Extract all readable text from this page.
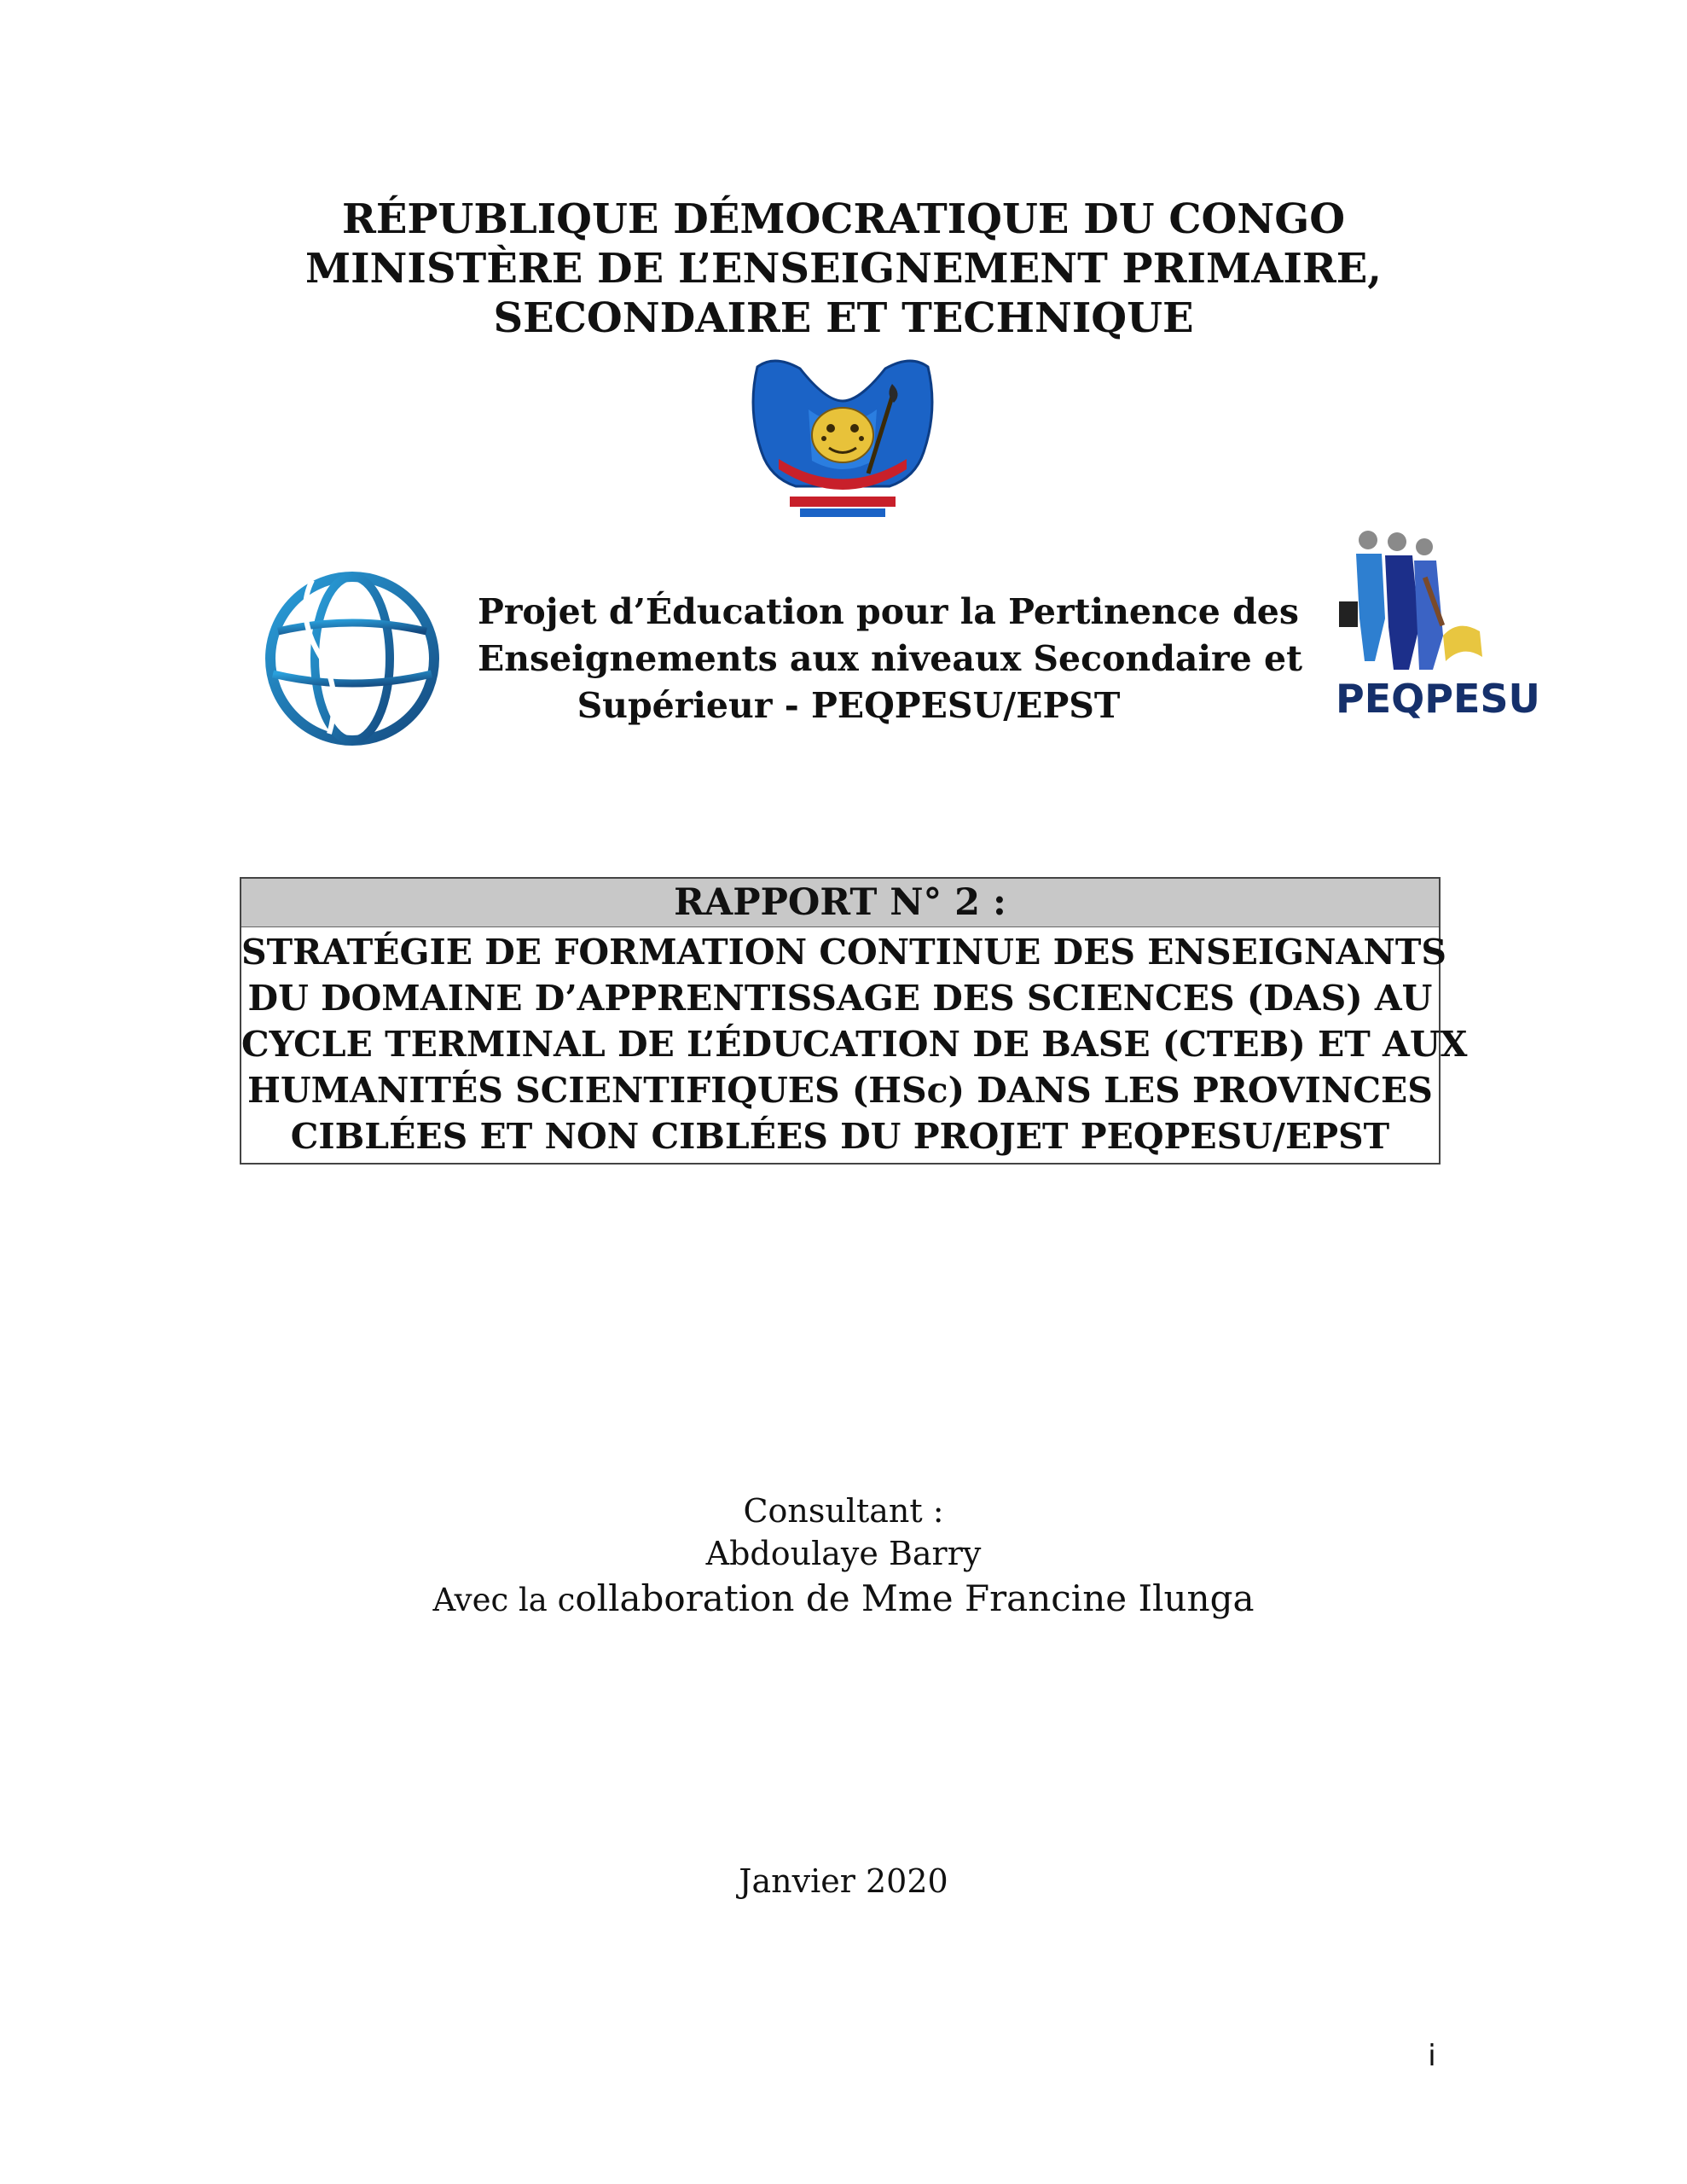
RÉPUBLIQUE DÉMOCRATIQUE DU CONGO
MINISTÈRE DE L’ENSEIGNEMENT PRIMAIRE,
SECONDAIRE ET TECHNIQUE
Projet d’Éducation pour la Pertinence des
Enseignements aux niveaux Secondaire et
Supérieur - PEQPESU/EPST	PEQPESU
RAPPORT N° 2 :
STRATÉGIE DE FORMATION CONTINUE DES ENSEIGNANTS
DU DOMAINE D’APPRENTISSAGE DES SCIENCES (DAS) AU
CYCLE TERMINAL DE L’ÉDUCATION DE BASE (CTEB) ET AUX
HUMANITÉS SCIENTIFIQUES (HSc) DANS LES PROVINCES
CIBLÉES ET NON CIBLÉES DU PROJET PEQPESU/EPST
Consultant :
Abdoulaye Barry
Avec la collaboration de Mme Francine Ilunga
Janvier 2020
i
